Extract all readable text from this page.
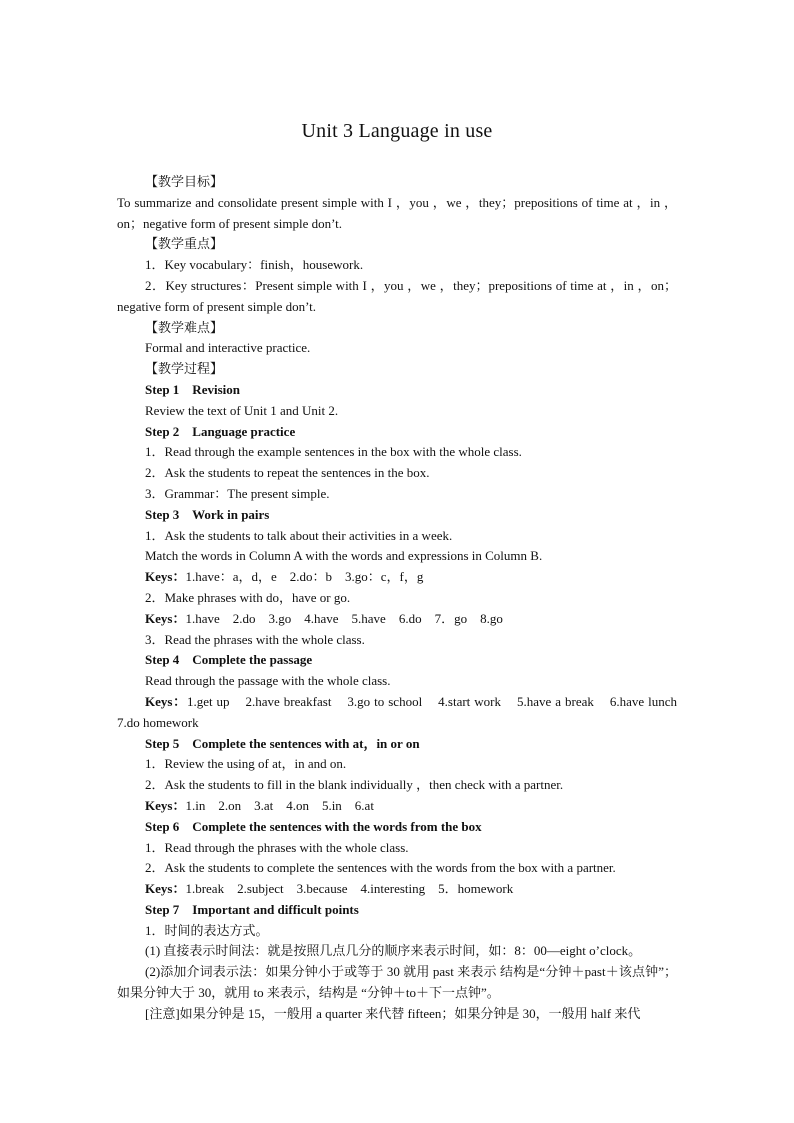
Unit 3 Language in use
【教学目标】
To summarize and consolidate present simple with I ，you ，we ，they；prepositions of time at ，in ，on；negative form of present simple don’t.
【教学重点】
1．Key vocabulary：finish，housework.
2．Key structures：Present simple with I ，you ，we ，they；prepositions of time at ，in ，on；negative form of present simple don’t.
【教学难点】
Formal and interactive practice.
【教学过程】
Step 1    Revision
Review the text of Unit 1 and Unit 2.
Step 2    Language practice
1．Read through the example sentences in the box with the whole class.
2．Ask the students to repeat the sentences in the box.
3．Grammar：The present simple.
Step 3    Work in pairs
1．Ask the students to talk about their activities in a week.
Match the words in Column A with the words and expressions in Column B.
Keys：1.have：a，d，e    2.do：b    3.go：c，f，g
2．Make phrases with do，have or go.
Keys：1.have    2.do    3.go    4.have    5.have    6.do    7．go    8.go
3．Read the phrases with the whole class.
Step 4    Complete the passage
Read through the passage with the whole class.
Keys：1.get up    2.have breakfast    3.go to school    4.start work    5.have a break    6.have lunch    7.do homework
Step 5    Complete the sentences with at，in or on
1．Review the using of at，in and on.
2．Ask the students to fill in the blank individually ，then check with a partner.
Keys：1.in    2.on    3.at    4.on    5.in    6.at
Step 6    Complete the sentences with the words from the box
1．Read through the phrases with the whole class.
2．Ask the students to complete the sentences with the words from the box with a partner.
Keys：1.break    2.subject    3.because    4.interesting    5．homework
Step 7    Important and difficult points
1．时间的表达方式。
(1) 直接表示时间法：就是按照几点几分的顺序来表示时间，如：8：00—eight o’clock。
(2)添加介词表示法：如果分钟小于或等于 30 就用 past 来表示 结构是“分钟＋past＋该点钟”；如果分钟大于 30，就用 to 来表示，结构是 “分钟＋to＋下一点钟”。
[注意]如果分钟是 15，一般用 a quarter 来代替 fifteen；如果分钟是 30，一般用 half 来代
